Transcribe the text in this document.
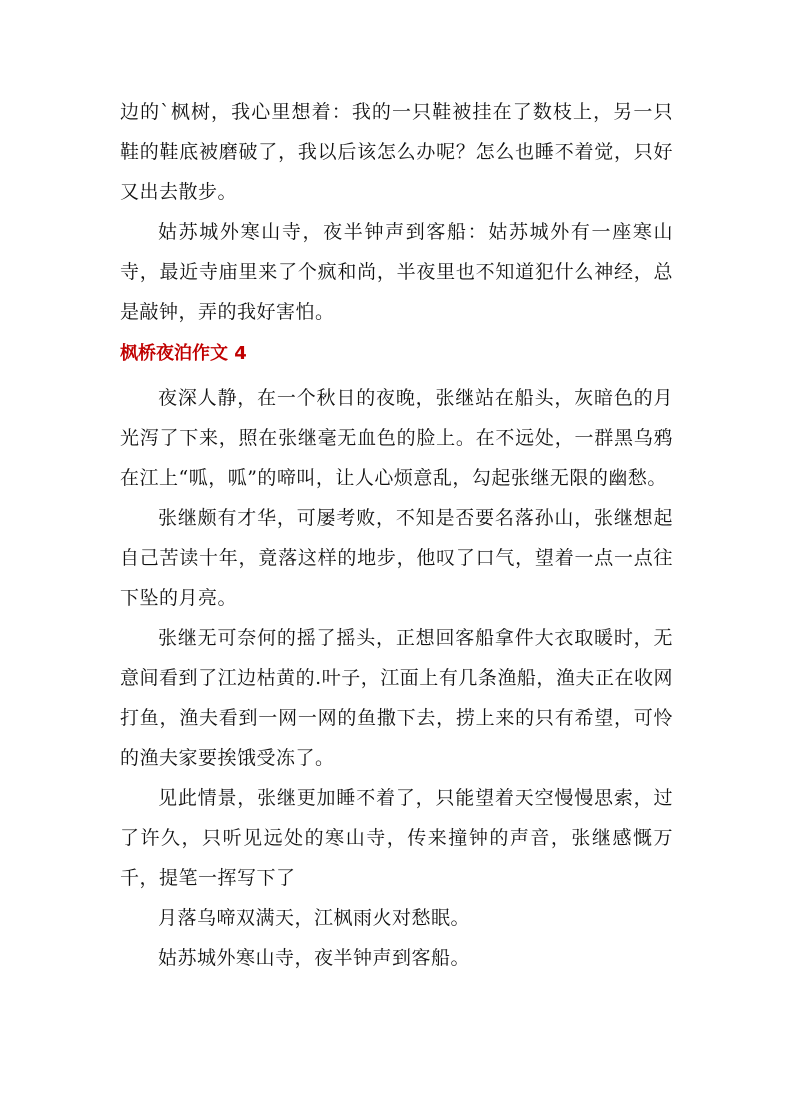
边的`枫树，我心里想着：我的一只鞋被挂在了数枝上，另一只鞋的鞋底被磨破了，我以后该怎么办呢？怎么也睡不着觉，只好又出去散步。

姑苏城外寒山寺，夜半钟声到客船：姑苏城外有一座寒山寺，最近寺庙里来了个疯和尚，半夜里也不知道犯什么神经，总是敲钟，弄的我好害怕。

枫桥夜泊作文 4

夜深人静，在一个秋日的夜晚，张继站在船头，灰暗色的月光泻了下来，照在张继毫无血色的脸上。在不远处，一群黑乌鸦在江上“呱，呱”的啼叫，让人心烦意乱，勾起张继无限的幽愁。

张继颇有才华，可屡考败，不知是否要名落孙山，张继想起自己苦读十年，竟落这样的地步，他叹了口气，望着一点一点往下坠的月亮。

张继无可奈何的摇了摇头，正想回客船拿件大衣取暖时，无意间看到了江边枯黄的.叶子，江面上有几条渔船，渔夫正在收网打鱼，渔夫看到一网一网的鱼撒下去，捞上来的只有希望，可怜的渔夫家要挨饿受冻了。

见此情景，张继更加睡不着了，只能望着天空慢慢思索，过了许久，只听见远处的寒山寺，传来撞钟的声音，张继感慨万千，提笔一挥写下了

月落乌啼双满天，江枫雨火对愁眠。

姑苏城外寒山寺，夜半钟声到客船。
